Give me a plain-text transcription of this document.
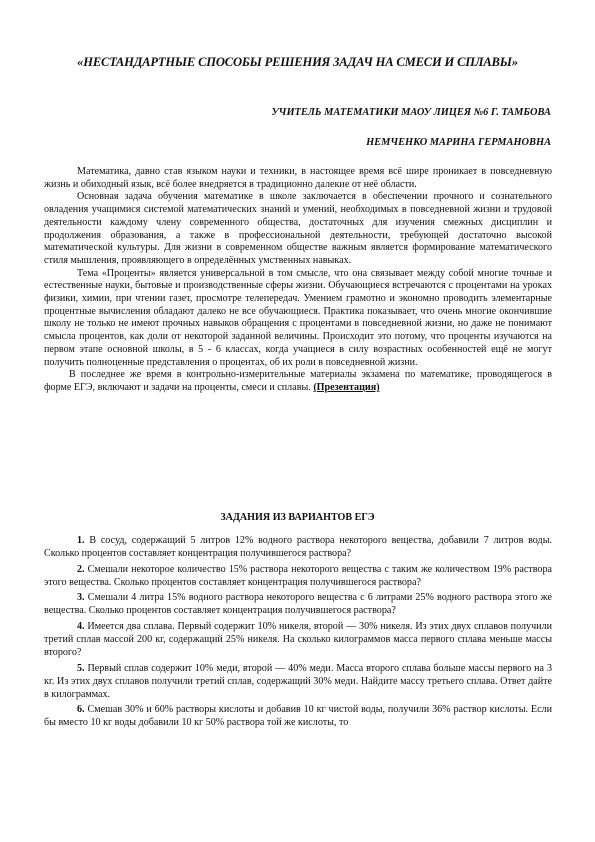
«НЕСТАНДАРТНЫЕ СПОСОБЫ РЕШЕНИЯ ЗАДАЧ НА СМЕСИ И СПЛАВЫ»
УЧИТЕЛЬ МАТЕМАТИКИ МАОУ ЛИЦЕЯ №6 Г. ТАМБОВА
НЕМЧЕНКО МАРИНА ГЕРМАНОВНА

Математика, давно став языком науки и техники, в настоящее время всё шире проникает в повседневную жизнь и обиходный язык, всё более внедряется в традиционно далекие от неё области.

Основная задача обучения математике в школе заключается в обеспечении прочного и сознательного овладения учащимися системой математических знаний и умений, необходимых в повседневной жизни и трудовой деятельности каждому члену современного общества, достаточных для изучения смежных дисциплин и продолжения образования, а также в профессиональной деятельности, требующей достаточно высокой математической культуры. Для жизни в современном обществе важным является формирование математического стиля мышления, проявляющего в определённых умственных навыках.

Тема «Проценты» является универсальной в том смысле, что она связывает между собой многие точные и естественные науки, бытовые и производственные сферы жизни. Обучающиеся встречаются с процентами на уроках физики, химии, при чтении газет, просмотре телепередач. Умением грамотно и экономно проводить элементарные процентные вычисления обладают далеко не все обучающиеся. Практика показывает, что очень многие окончившие школу не только не имеют прочных навыков обращения с процентами в повседневной жизни, но даже не понимают смысла процентов, как доли от некоторой заданной величины. Происходит это потому, что проценты изучаются на первом этапе основной школы, в 5 - 6 классах, когда учащиеся в силу возрастных особенностей ещё не могут получить полноценные представления о процентах, об их роли в повседневной жизни.

В последнее же время в контрольно-измерительные материалы экзамена по математике, проводящегося в форме ЕГЭ, включают и задачи на проценты, смеси и сплавы. (Презентация)

ЗАДАНИЯ ИЗ ВАРИАНТОВ ЕГЭ

1. В сосуд, содержащий 5 литров 12% водного раствора некоторого вещества, добавили 7 литров воды. Сколько процентов составляет концентрация получившегося раствора?

2. Смешали некоторое количество 15% раствора некоторого вещества с таким же количеством 19% раствора этого вещества. Сколько процентов составляет концентрация получившегося раствора?

3. Смешали 4 литра 15% водного раствора некоторого вещества с 6 литрами 25% водного раствора этого же вещества. Сколько процентов составляет концентрация получившегося раствора?

4. Имеется два сплава. Первый содержит 10% никеля, второй — 30% никеля. Из этих двух сплавов получили третий сплав массой 200 кг, содержащий 25% никеля. На сколько килограммов масса первого сплава меньше массы второго?

5. Первый сплав содержит 10% меди, второй — 40% меди. Масса второго сплава больше массы первого на 3 кг. Из этих двух сплавов получили третий сплав, содержащий 30% меди. Найдите массу третьего сплава. Ответ дайте в килограммах.

6. Смешав 30% и 60% растворы кислоты и добавив 10 кг чистой воды, получили 36% раствор кислоты. Если бы вместо 10 кг воды добавили 10 кг 50% раствора той же кислоты, то
